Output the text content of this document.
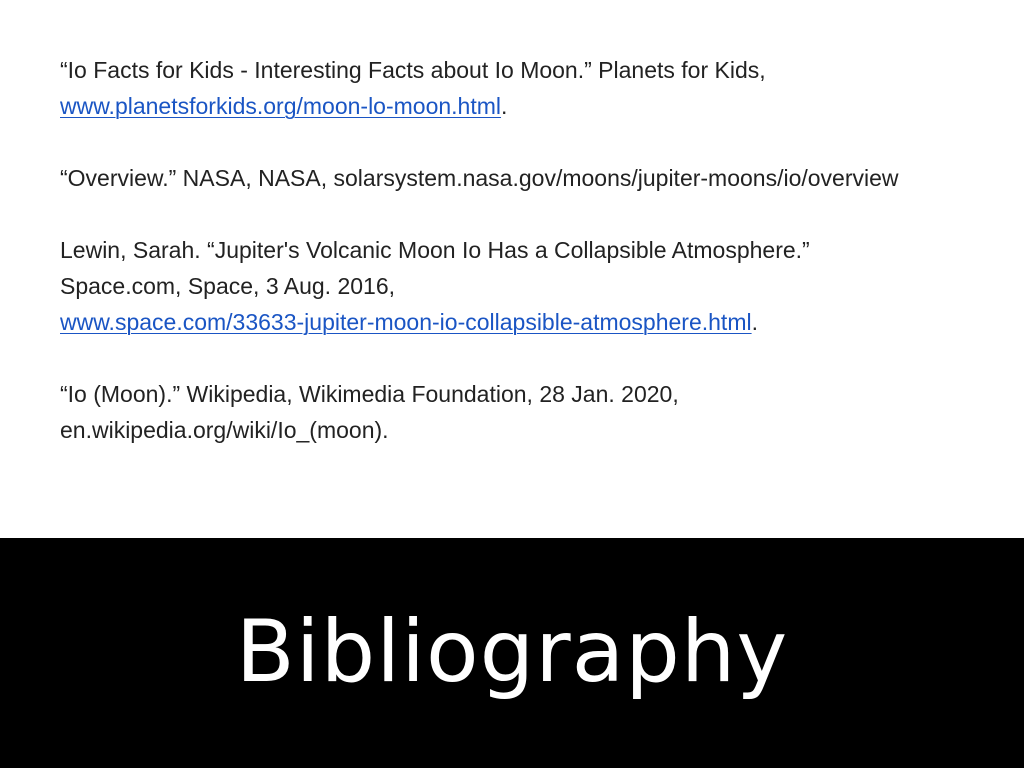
“Io Facts for Kids - Interesting Facts about Io Moon.” Planets for Kids,
www.planetsforkids.org/moon-lo-moon.html.
“Overview.” NASA, NASA, solarsystem.nasa.gov/moons/jupiter-moons/io/overview
Lewin, Sarah. “Jupiter's Volcanic Moon Io Has a Collapsible Atmosphere.”
Space.com, Space, 3 Aug. 2016,
www.space.com/33633-jupiter-moon-io-collapsible-atmosphere.html.
“Io (Moon).” Wikipedia, Wikimedia Foundation, 28 Jan. 2020,
en.wikipedia.org/wiki/Io_(moon).
Bibliography
